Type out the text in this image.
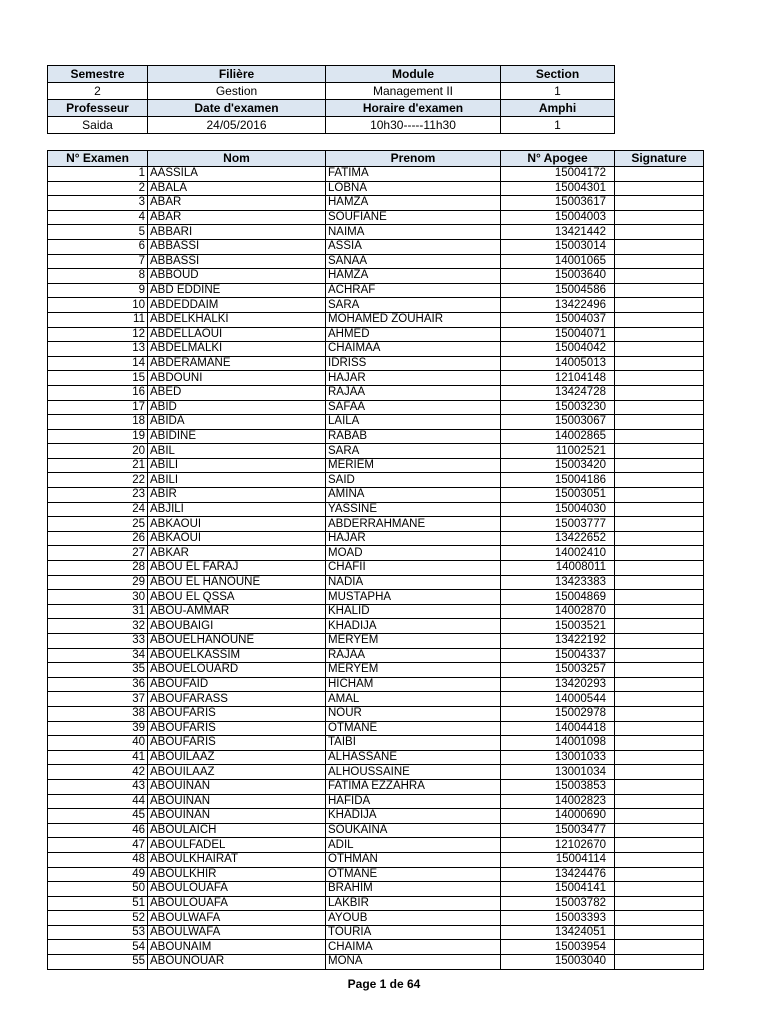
Semestre	Filière	Module	Section
2	Gestion	Management II	1
Professeur	Date d'examen	Horaire d'examen	Amphi
Saida	24/05/2016	10h30-----11h30	1
N° Examen	Nom	Prenom	N° Apogee	Signature
1	AASSILA	FATIMA	15004172	
2	ABALA	LOBNA	15004301	
3	ABAR	HAMZA	15003617	
4	ABAR	SOUFIANE	15004003	
5	ABBARI	NAIMA	13421442	
6	ABBASSI	ASSIA	15003014	
7	ABBASSI	SANAA	14001065	
8	ABBOUD	HAMZA	15003640	
9	ABD EDDINE	ACHRAF	15004586	
10	ABDEDDAIM	SARA	13422496	
11	ABDELKHALKI	MOHAMED ZOUHAIR	15004037	
12	ABDELLAOUI	AHMED	15004071	
13	ABDELMALKI	CHAIMAA	15004042	
14	ABDERAMANE	IDRISS	14005013	
15	ABDOUNI	HAJAR	12104148	
16	ABED	RAJAA	13424728	
17	ABID	SAFAA	15003230	
18	ABIDA	LAILA	15003067	
19	ABIDINE	RABAB	14002865	
20	ABIL	SARA	11002521	
21	ABILI	MERIEM	15003420	
22	ABILI	SAID	15004186	
23	ABIR	AMINA	15003051	
24	ABJILI	YASSINE	15004030	
25	ABKAOUI	ABDERRAHMANE	15003777	
26	ABKAOUI	HAJAR	13422652	
27	ABKAR	MOAD	14002410	
28	ABOU EL FARAJ	CHAFII	14008011	
29	ABOU EL HANOUNE	NADIA	13423383	
30	ABOU EL QSSA	MUSTAPHA	15004869	
31	ABOU-AMMAR	KHALID	14002870	
32	ABOUBAIGI	KHADIJA	15003521	
33	ABOUELHANOUNE	MERYEM	13422192	
34	ABOUELKASSIM	RAJAA	15004337	
35	ABOUELOUARD	MERYEM	15003257	
36	ABOUFAID	HICHAM	13420293	
37	ABOUFARASS	AMAL	14000544	
38	ABOUFARIS	NOUR	15002978	
39	ABOUFARIS	OTMANE	14004418	
40	ABOUFARIS	TAIBI	14001098	
41	ABOUILAAZ	ALHASSANE	13001033	
42	ABOUILAAZ	ALHOUSSAINE	13001034	
43	ABOUINAN	FATIMA EZZAHRA	15003853	
44	ABOUINAN	HAFIDA	14002823	
45	ABOUINAN	KHADIJA	14000690	
46	ABOULAICH	SOUKAINA	15003477	
47	ABOULFADEL	ADIL	12102670	
48	ABOULKHAIRAT	OTHMAN	15004114	
49	ABOULKHIR	OTMANE	13424476	
50	ABOULOUAFA	BRAHIM	15004141	
51	ABOULOUAFA	LAKBIR	15003782	
52	ABOULWAFA	AYOUB	15003393	
53	ABOULWAFA	TOURIA	13424051	
54	ABOUNAIM	CHAIMA	15003954	
55	ABOUNOUAR	MONA	15003040	
Page 1 de 64
